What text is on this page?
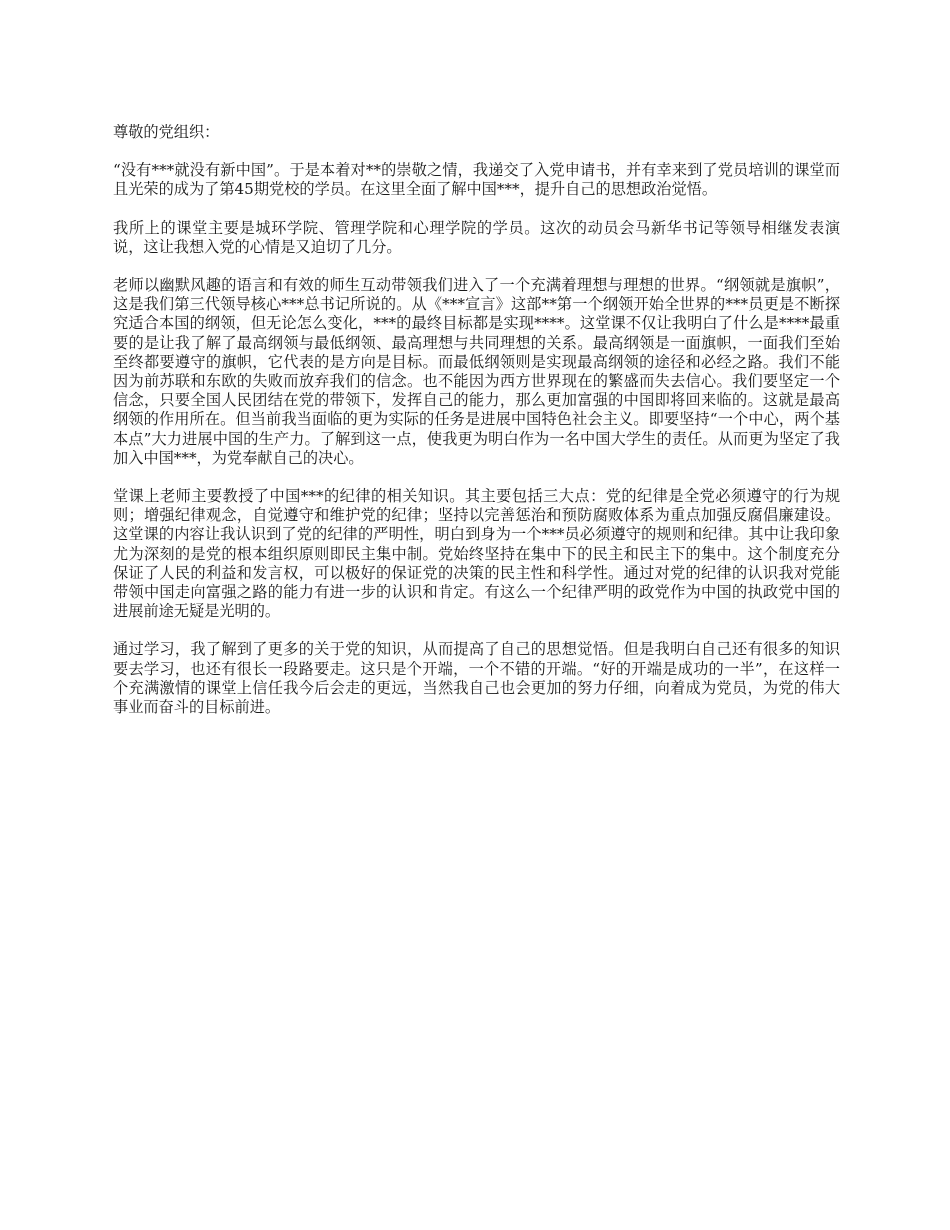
尊敬的党组织：

“没有***就没有新中国”。于是本着对**的崇敬之情，我递交了入党申请书，并有幸来到了党员培训的课堂而且光荣的成为了第45期党校的学员。在这里全面了解中国***，提升自己的思想政治觉悟。

我所上的课堂主要是城环学院、管理学院和心理学院的学员。这次的动员会马新华书记等领导相继发表演说，这让我想入党的心情是又迫切了几分。

老师以幽默风趣的语言和有效的师生互动带领我们进入了一个充满着理想与理想的世界。“纲领就是旗帜”，这是我们第三代领导核心***总书记所说的。从《***宣言》这部**第一个纲领开始全世界的***员更是不断探究适合本国的纲领，但无论怎么变化，***的最终目标都是实现****。这堂课不仅让我明白了什么是****最重要的是让我了解了最高纲领与最低纲领、最高理想与共同理想的关系。最高纲领是一面旗帜，一面我们至始至终都要遵守的旗帜，它代表的是方向是目标。而最低纲领则是实现最高纲领的途径和必经之路。我们不能因为前苏联和东欧的失败而放弃我们的信念。也不能因为西方世界现在的繁盛而失去信心。我们要坚定一个信念，只要全国人民团结在党的带领下，发挥自己的能力，那么更加富强的中国即将回来临的。这就是最高纲领的作用所在。但当前我当面临的更为实际的任务是进展中国特色社会主义。即要坚持“一个中心，两个基本点”大力进展中国的生产力。了解到这一点，使我更为明白作为一名中国大学生的责任。从而更为坚定了我加入中国***，为党奉献自己的决心。

堂课上老师主要教授了中国***的纪律的相关知识。其主要包括三大点：党的纪律是全党必须遵守的行为规则；增强纪律观念，自觉遵守和维护党的纪律；坚持以完善惩治和预防腐败体系为重点加强反腐倡廉建设。这堂课的内容让我认识到了党的纪律的严明性，明白到身为一个***员必须遵守的规则和纪律。其中让我印象尤为深刻的是党的根本组织原则即民主集中制。党始终坚持在集中下的民主和民主下的集中。这个制度充分保证了人民的利益和发言权，可以极好的保证党的决策的民主性和科学性。通过对党的纪律的认识我对党能带领中国走向富强之路的能力有进一步的认识和肯定。有这么一个纪律严明的政党作为中国的执政党中国的进展前途无疑是光明的。

通过学习，我了解到了更多的关于党的知识，从而提高了自己的思想觉悟。但是我明白自己还有很多的知识要去学习，也还有很长一段路要走。这只是个开端，一个不错的开端。“好的开端是成功的一半”，在这样一个充满激情的课堂上信任我今后会走的更远，当然我自己也会更加的努力仔细，向着成为党员，为党的伟大事业而奋斗的目标前进。
